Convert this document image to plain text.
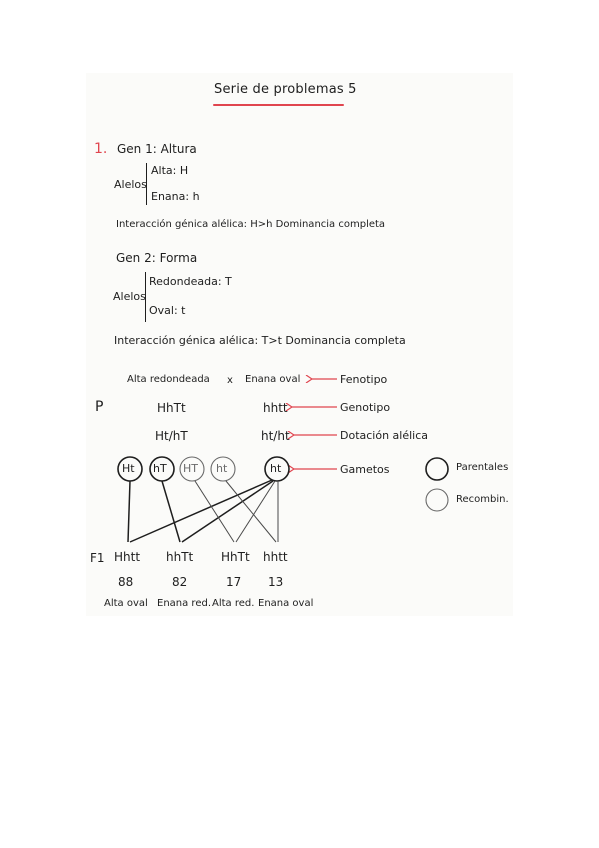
Serie de problemas 5
1. Gen 1: Altura
Alelos
Alta: H
Enana: h
Interacción génica alélica: H>h Dominancia completa
Gen 2: Forma
Alelos
Redondeada: T
Oval: t
Interacción génica alélica: T>t Dominancia completa
Alta redondeada x Enana oval
P	HhTt	hhtt
Ht/hT	ht/ht
Fenotipo
Genotipo
Dotación alélica
Gametos
Ht hT HT ht	ht	Parentales
Recombin.
F1 Hhtt hhTt HhTt hhtt
88	82	17 13
Alta oval Enana red. Alta red. Enana oval
